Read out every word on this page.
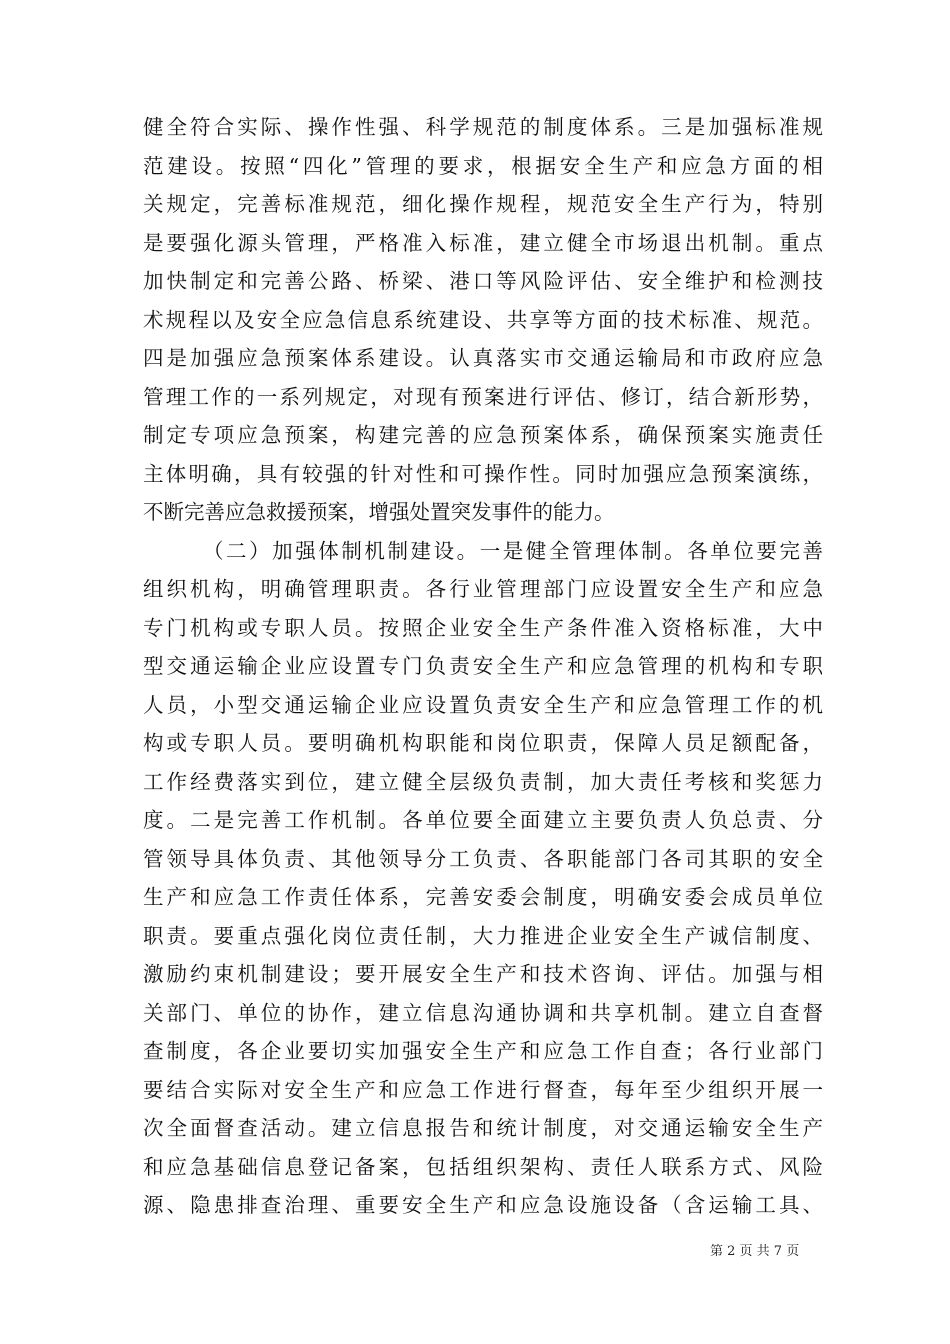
健全符合实际、操作性强、科学规范的制度体系。三是加强标准规
范建设。按照“四化”管理的要求，根据安全生产和应急方面的相
关规定，完善标准规范，细化操作规程，规范安全生产行为，特别
是要强化源头管理，严格准入标准，建立健全市场退出机制。重点
加快制定和完善公路、桥梁、港口等风险评估、安全维护和检测技
术规程以及安全应急信息系统建设、共享等方面的技术标准、规范。
四是加强应急预案体系建设。认真落实市交通运输局和市政府应急
管理工作的一系列规定，对现有预案进行评估、修订，结合新形势，
制定专项应急预案，构建完善的应急预案体系，确保预案实施责任
主体明确，具有较强的针对性和可操作性。同时加强应急预案演练，
不断完善应急救援预案，增强处置突发事件的能力。
（二）加强体制机制建设。一是健全管理体制。各单位要完善
组织机构，明确管理职责。各行业管理部门应设置安全生产和应急
专门机构或专职人员。按照企业安全生产条件准入资格标准，大中
型交通运输企业应设置专门负责安全生产和应急管理的机构和专职
人员，小型交通运输企业应设置负责安全生产和应急管理工作的机
构或专职人员。要明确机构职能和岗位职责，保障人员足额配备，
工作经费落实到位，建立健全层级负责制，加大责任考核和奖惩力
度。二是完善工作机制。各单位要全面建立主要负责人负总责、分
管领导具体负责、其他领导分工负责、各职能部门各司其职的安全
生产和应急工作责任体系，完善安委会制度，明确安委会成员单位
职责。要重点强化岗位责任制，大力推进企业安全生产诚信制度、
激励约束机制建设；要开展安全生产和技术咨询、评估。加强与相
关部门、单位的协作，建立信息沟通协调和共享机制。建立自查督
查制度，各企业要切实加强安全生产和应急工作自查；各行业部门
要结合实际对安全生产和应急工作进行督查，每年至少组织开展一
次全面督查活动。建立信息报告和统计制度，对交通运输安全生产
和应急基础信息登记备案，包括组织架构、责任人联系方式、风险
源、隐患排查治理、重要安全生产和应急设施设备（含运输工具、
第 2 页 共 7 页
